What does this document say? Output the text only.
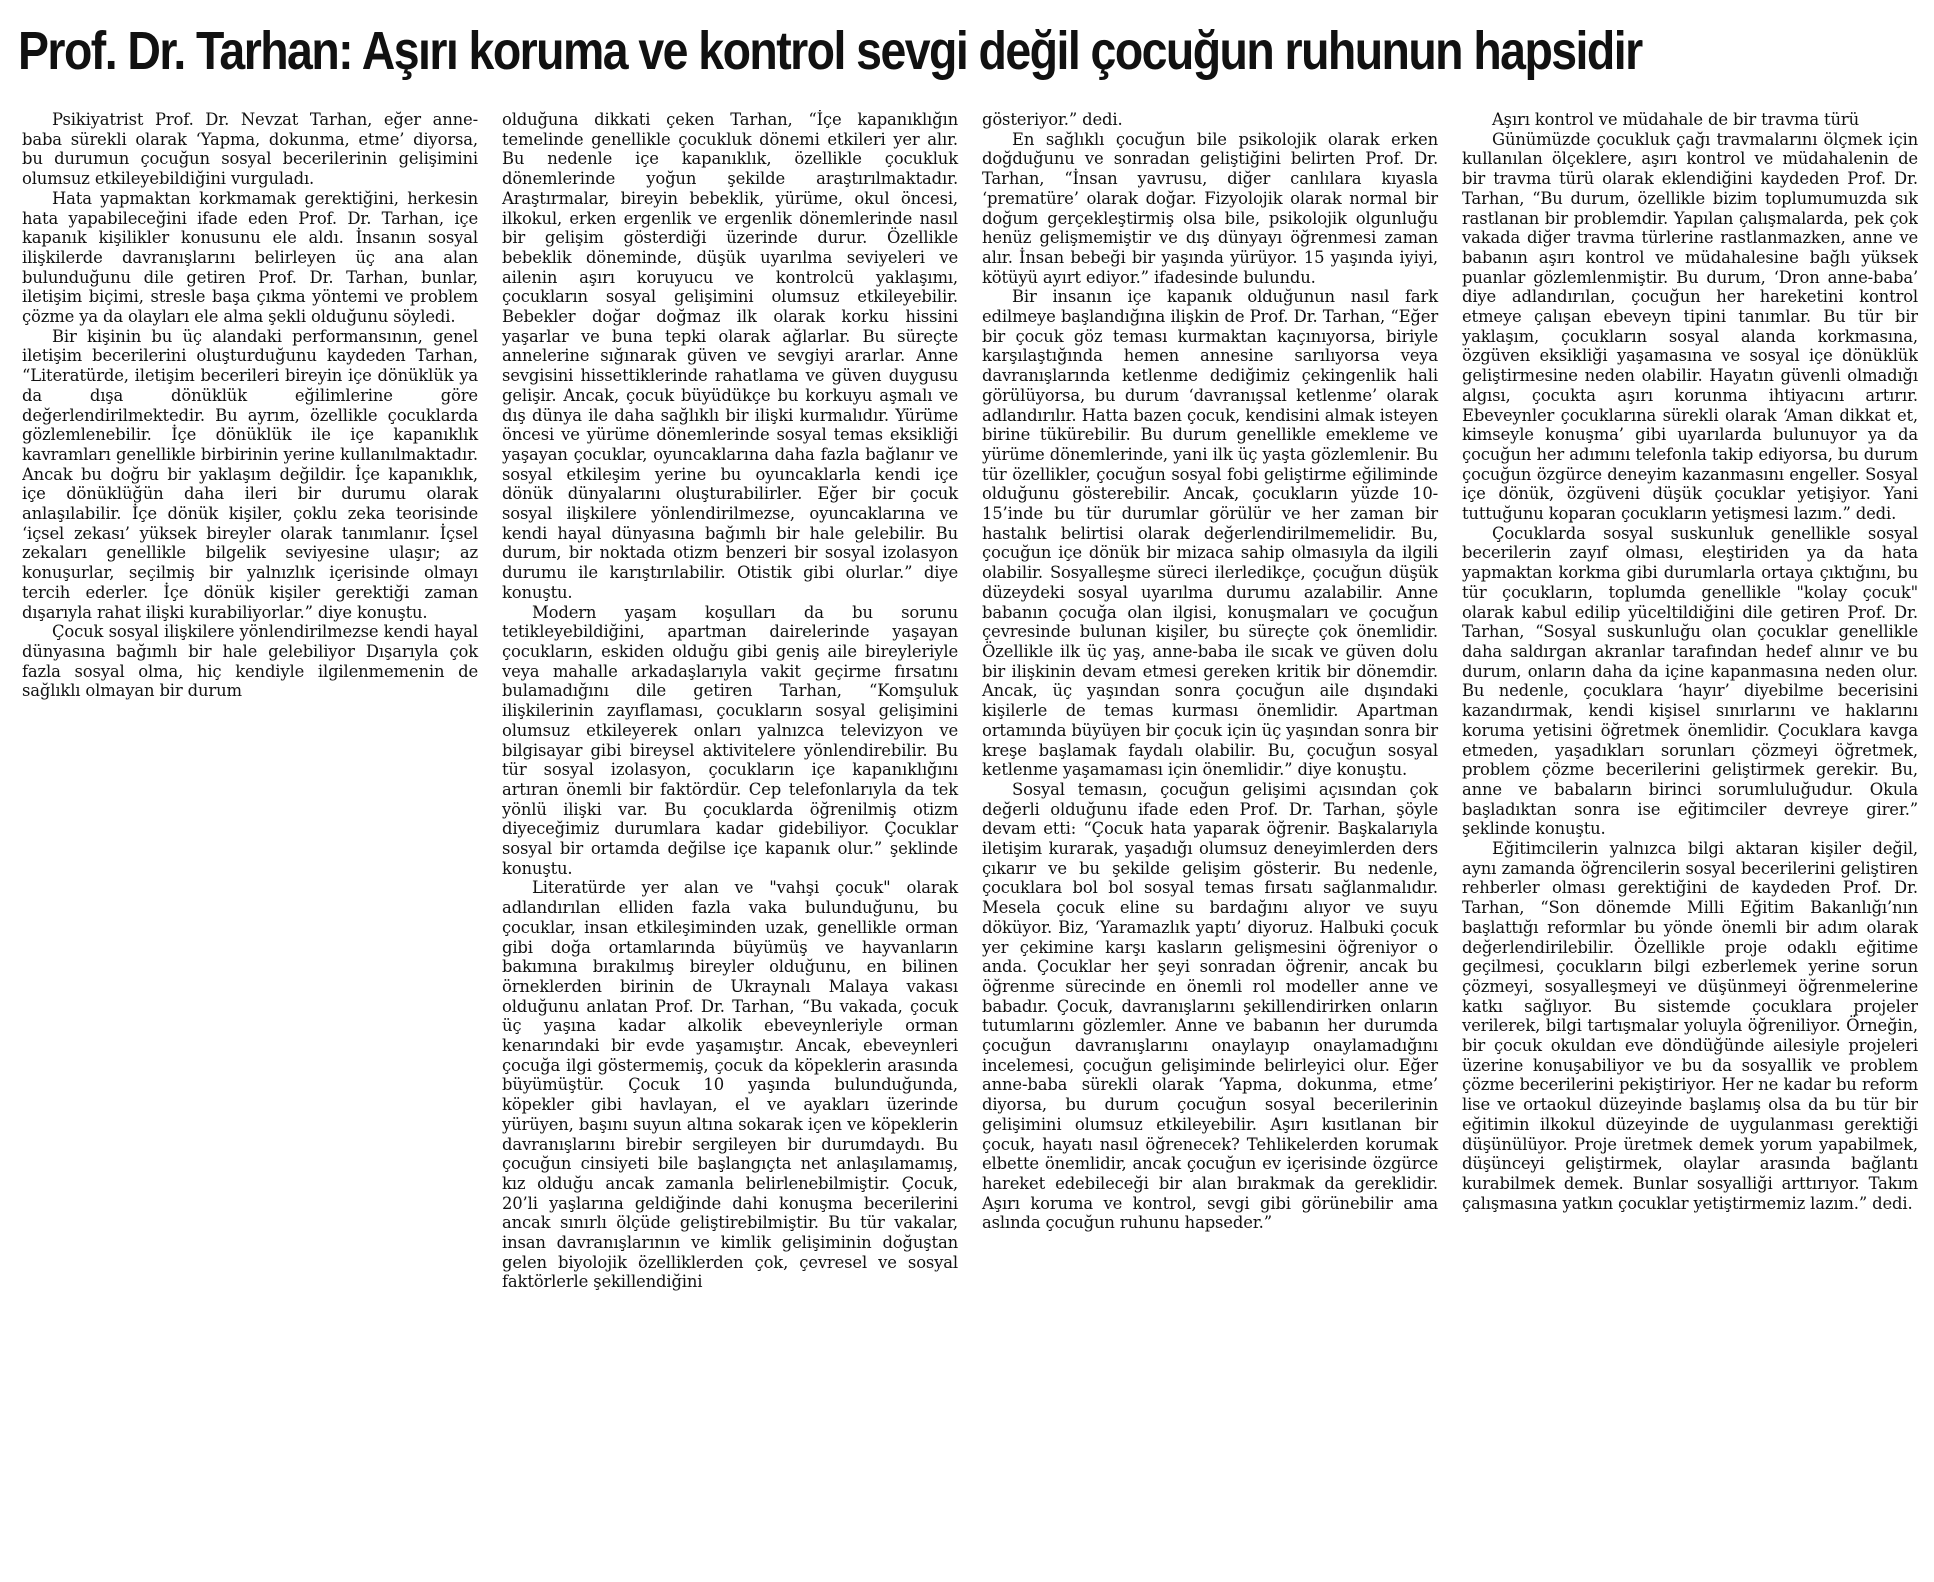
Prof. Dr. Tarhan: Aşırı koruma ve kontrol sevgi değil çocuğun ruhunun hapsidir

Psikiyatrist Prof. Dr. Nevzat Tarhan, eğer anne-baba sürekli olarak ‘Yapma, dokunma, etme’ diyorsa, bu durumun çocuğun sosyal becerilerinin gelişimini olumsuz etkileyebildiğini vurguladı.

Hata yapmaktan korkmamak gerektiğini, herkesin hata yapabileceğini ifade eden Prof. Dr. Tarhan, içe kapanık kişilikler konusunu ele aldı. İnsanın sosyal ilişkilerde davranışlarını belirleyen üç ana alan bulunduğunu dile getiren Prof. Dr. Tarhan, bunlar, iletişim biçimi, stresle başa çıkma yöntemi ve problem çözme ya da olayları ele alma şekli olduğunu söyledi.

Bir kişinin bu üç alandaki performansının, genel iletişim becerilerini oluşturduğunu kaydeden Tarhan, “Literatürde, iletişim becerileri bireyin içe dönüklük ya da dışa dönüklük eğilimlerine göre değerlendirilmektedir. Bu ayrım, özellikle çocuklarda gözlemlenebilir. İçe dönüklük ile içe kapanıklık kavramları genellikle birbirinin yerine kullanılmaktadır. Ancak bu doğru bir yaklaşım değildir. İçe kapanıklık, içe dönüklüğün daha ileri bir durumu olarak anlaşılabilir. İçe dönük kişiler, çoklu zeka teorisinde ‘içsel zekası’ yüksek bireyler olarak tanımlanır. İçsel zekaları genellikle bilgelik seviyesine ulaşır; az konuşurlar, seçilmiş bir yalnızlık içerisinde olmayı tercih ederler. İçe dönük kişiler gerektiği zaman dışarıyla rahat ilişki kurabiliyorlar.” diye konuştu.

Çocuk sosyal ilişkilere yönlendirilmezse kendi hayal dünyasına bağımlı bir hale gelebiliyor Dışarıyla çok fazla sosyal olma, hiç kendiyle ilgilenmemenin de sağlıklı olmayan bir durum

olduğuna dikkati çeken Tarhan, “İçe kapanıklığın temelinde genellikle çocukluk dönemi etkileri yer alır. Bu nedenle içe kapanıklık, özellikle çocukluk dönemlerinde yoğun şekilde araştırılmaktadır. Araştırmalar, bireyin bebeklik, yürüme, okul öncesi, ilkokul, erken ergenlik ve ergenlik dönemlerinde nasıl bir gelişim gösterdiği üzerinde durur. Özellikle bebeklik döneminde, düşük uyarılma seviyeleri ve ailenin aşırı koruyucu ve kontrolcü yaklaşımı, çocukların sosyal gelişimini olumsuz etkileyebilir. Bebekler doğar doğmaz ilk olarak korku hissini yaşarlar ve buna tepki olarak ağlarlar. Bu süreçte annelerine sığınarak güven ve sevgiyi ararlar. Anne sevgisini hissettiklerinde rahatlama ve güven duygusu gelişir. Ancak, çocuk büyüdükçe bu korkuyu aşmalı ve dış dünya ile daha sağlıklı bir ilişki kurmalıdır. Yürüme öncesi ve yürüme dönemlerinde sosyal temas eksikliği yaşayan çocuklar, oyuncaklarına daha fazla bağlanır ve sosyal etkileşim yerine bu oyuncaklarla kendi içe dönük dünyalarını oluşturabilirler. Eğer bir çocuk sosyal ilişkilere yönlendirilmezse, oyuncaklarına ve kendi hayal dünyasına bağımlı bir hale gelebilir. Bu durum, bir noktada otizm benzeri bir sosyal izolasyon durumu ile karıştırılabilir. Otistik gibi olurlar.” diye konuştu.

Modern yaşam koşulları da bu sorunu tetikleyebildiğini, apartman dairelerinde yaşayan çocukların, eskiden olduğu gibi geniş aile bireyleriyle veya mahalle arkadaşlarıyla vakit geçirme fırsatını bulamadığını dile getiren Tarhan, “Komşuluk ilişkilerinin zayıflaması, çocukların sosyal gelişimini olumsuz etkileyerek onları yalnızca televizyon ve bilgisayar gibi bireysel aktivitelere yönlendirebilir. Bu tür sosyal izolasyon, çocukların içe kapanıklığını artıran önemli bir faktördür. Cep telefonlarıyla da tek yönlü ilişki var. Bu çocuklarda öğrenilmiş otizm diyeceğimiz durumlara kadar gidebiliyor. Çocuklar sosyal bir ortamda değilse içe kapanık olur.” şeklinde konuştu.

Literatürde yer alan ve "vahşi çocuk" olarak adlandırılan elliden fazla vaka bulunduğunu, bu çocuklar, insan etkileşiminden uzak, genellikle orman gibi doğa ortamlarında büyümüş ve hayvanların bakımına bırakılmış bireyler olduğunu, en bilinen örneklerden birinin de Ukraynalı Malaya vakası olduğunu anlatan Prof. Dr. Tarhan, “Bu vakada, çocuk üç yaşına kadar alkolik ebeveynleriyle orman kenarındaki bir evde yaşamıştır. Ancak, ebeveynleri çocuğa ilgi göstermemiş, çocuk da köpeklerin arasında büyümüştür. Çocuk 10 yaşında bulunduğunda, köpekler gibi havlayan, el ve ayakları üzerinde yürüyen, başını suyun altına sokarak içen ve köpeklerin davranışlarını birebir sergileyen bir durumdaydı. Bu çocuğun cinsiyeti bile başlangıçta net anlaşılamamış, kız olduğu ancak zamanla belirlenebilmiştir. Çocuk, 20’li yaşlarına geldiğinde dahi konuşma becerilerini ancak sınırlı ölçüde geliştirebilmiştir. Bu tür vakalar, insan davranışlarının ve kimlik gelişiminin doğuştan gelen biyolojik özelliklerden çok, çevresel ve sosyal faktörlerle şekillendiğini

gösteriyor.” dedi.

En sağlıklı çocuğun bile psikolojik olarak erken doğduğunu ve sonradan geliştiğini belirten Prof. Dr. Tarhan, “İnsan yavrusu, diğer canlılara kıyasla ‘prematüre’ olarak doğar. Fizyolojik olarak normal bir doğum gerçekleştirmiş olsa bile, psikolojik olgunluğu henüz gelişmemiştir ve dış dünyayı öğrenmesi zaman alır. İnsan bebeği bir yaşında yürüyor. 15 yaşında iyiyi, kötüyü ayırt ediyor.” ifadesinde bulundu.

Bir insanın içe kapanık olduğunun nasıl fark edilmeye başlandığına ilişkin de Prof. Dr. Tarhan, “Eğer bir çocuk göz teması kurmaktan kaçınıyorsa, biriyle karşılaştığında hemen annesine sarılıyorsa veya davranışlarında ketlenme dediğimiz çekingenlik hali görülüyorsa, bu durum ‘davranışsal ketlenme’ olarak adlandırılır. Hatta bazen çocuk, kendisini almak isteyen birine tükürebilir. Bu durum genellikle emekleme ve yürüme dönemlerinde, yani ilk üç yaşta gözlemlenir. Bu tür özellikler, çocuğun sosyal fobi geliştirme eğiliminde olduğunu gösterebilir. Ancak, çocukların yüzde 10-15’inde bu tür durumlar görülür ve her zaman bir hastalık belirtisi olarak değerlendirilmemelidir. Bu, çocuğun içe dönük bir mizaca sahip olmasıyla da ilgili olabilir. Sosyalleşme süreci ilerledikçe, çocuğun düşük düzeydeki sosyal uyarılma durumu azalabilir. Anne babanın çocuğa olan ilgisi, konuşmaları ve çocuğun çevresinde bulunan kişiler, bu süreçte çok önemlidir. Özellikle ilk üç yaş, anne-baba ile sıcak ve güven dolu bir ilişkinin devam etmesi gereken kritik bir dönemdir. Ancak, üç yaşından sonra çocuğun aile dışındaki kişilerle de temas kurması önemlidir. Apartman ortamında büyüyen bir çocuk için üç yaşından sonra bir kreşe başlamak faydalı olabilir. Bu, çocuğun sosyal ketlenme yaşamaması için önemlidir.” diye konuştu.

Sosyal temasın, çocuğun gelişimi açısından çok değerli olduğunu ifade eden Prof. Dr. Tarhan, şöyle devam etti: “Çocuk hata yaparak öğrenir. Başkalarıyla iletişim kurarak, yaşadığı olumsuz deneyimlerden ders çıkarır ve bu şekilde gelişim gösterir. Bu nedenle, çocuklara bol bol sosyal temas fırsatı sağlanmalıdır. Mesela çocuk eline su bardağını alıyor ve suyu döküyor. Biz, ‘Yaramazlık yaptı’ diyoruz. Halbuki çocuk yer çekimine karşı kasların gelişmesini öğreniyor o anda. Çocuklar her şeyi sonradan öğrenir, ancak bu öğrenme sürecinde en önemli rol modeller anne ve babadır. Çocuk, davranışlarını şekillendirirken onların tutumlarını gözlemler. Anne ve babanın her durumda çocuğun davranışlarını onaylayıp onaylamadığını incelemesi, çocuğun gelişiminde belirleyici olur. Eğer anne-baba sürekli olarak ‘Yapma, dokunma, etme’ diyorsa, bu durum çocuğun sosyal becerilerinin gelişimini olumsuz etkileyebilir. Aşırı kısıtlanan bir çocuk, hayatı nasıl öğrenecek? Tehlikelerden korumak elbette önemlidir, ancak çocuğun ev içerisinde özgürce hareket edebileceği bir alan bırakmak da gereklidir. Aşırı koruma ve kontrol, sevgi gibi görünebilir ama aslında çocuğun ruhunu hapseder.”

Aşırı kontrol ve müdahale de bir travma türü

Günümüzde çocukluk çağı travmalarını ölçmek için kullanılan ölçeklere, aşırı kontrol ve müdahalenin de bir travma türü olarak eklendiğini kaydeden Prof. Dr. Tarhan, “Bu durum, özellikle bizim toplumumuzda sık rastlanan bir problemdir. Yapılan çalışmalarda, pek çok vakada diğer travma türlerine rastlanmazken, anne ve babanın aşırı kontrol ve müdahalesine bağlı yüksek puanlar gözlemlenmiştir. Bu durum, ‘Dron anne-baba’ diye adlandırılan, çocuğun her hareketini kontrol etmeye çalışan ebeveyn tipini tanımlar. Bu tür bir yaklaşım, çocukların sosyal alanda korkmasına, özgüven eksikliği yaşamasına ve sosyal içe dönüklük geliştirmesine neden olabilir. Hayatın güvenli olmadığı algısı, çocukta aşırı korunma ihtiyacını artırır. Ebeveynler çocuklarına sürekli olarak ‘Aman dikkat et, kimseyle konuşma’ gibi uyarılarda bulunuyor ya da çocuğun her adımını telefonla takip ediyorsa, bu durum çocuğun özgürce deneyim kazanmasını engeller. Sosyal içe dönük, özgüveni düşük çocuklar yetişiyor. Yani tuttuğunu koparan çocukların yetişmesi lazım.” dedi.

Çocuklarda sosyal suskunluk genellikle sosyal becerilerin zayıf olması, eleştiriden ya da hata yapmaktan korkma gibi durumlarla ortaya çıktığını, bu tür çocukların, toplumda genellikle "kolay çocuk" olarak kabul edilip yüceltildiğini dile getiren Prof. Dr. Tarhan, “Sosyal suskunluğu olan çocuklar genellikle daha saldırgan akranlar tarafından hedef alınır ve bu durum, onların daha da içine kapanmasına neden olur. Bu nedenle, çocuklara ‘hayır’ diyebilme becerisini kazandırmak, kendi kişisel sınırlarını ve haklarını koruma yetisini öğretmek önemlidir. Çocuklara kavga etmeden, yaşadıkları sorunları çözmeyi öğretmek, problem çözme becerilerini geliştirmek gerekir. Bu, anne ve babaların birinci sorumluluğudur. Okula başladıktan sonra ise eğitimciler devreye girer.” şeklinde konuştu.

Eğitimcilerin yalnızca bilgi aktaran kişiler değil, aynı zamanda öğrencilerin sosyal becerilerini geliştiren rehberler olması gerektiğini de kaydeden Prof. Dr. Tarhan, “Son dönemde Milli Eğitim Bakanlığı’nın başlattığı reformlar bu yönde önemli bir adım olarak değerlendirilebilir. Özellikle proje odaklı eğitime geçilmesi, çocukların bilgi ezberlemek yerine sorun çözmeyi, sosyalleşmeyi ve düşünmeyi öğrenmelerine katkı sağlıyor. Bu sistemde çocuklara projeler verilerek, bilgi tartışmalar yoluyla öğreniliyor. Örneğin, bir çocuk okuldan eve döndüğünde ailesiyle projeleri üzerine konuşabiliyor ve bu da sosyallik ve problem çözme becerilerini pekiştiriyor. Her ne kadar bu reform lise ve ortaokul düzeyinde başlamış olsa da bu tür bir eğitimin ilkokul düzeyinde de uygulanması gerektiği düşünülüyor. Proje üretmek demek yorum yapabilmek, düşünceyi geliştirmek, olaylar arasında bağlantı kurabilmek demek. Bunlar sosyalliği arttırıyor. Takım çalışmasına yatkın çocuklar yetiştirmemiz lazım.” dedi.
